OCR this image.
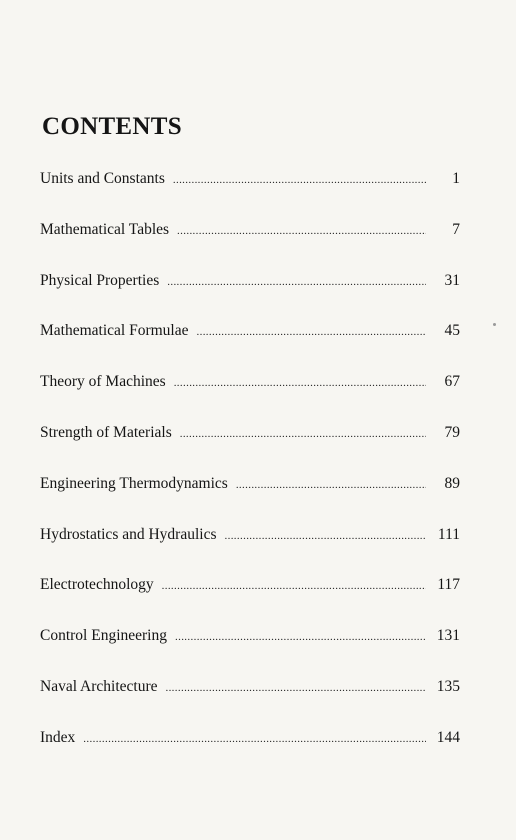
CONTENTS
Units and Constants . . .	1
Mathematical Tables . . .	7
Physical Properties . . .	31
Mathematical Formulae . . .	45
Theory of Machines . . .	67
Strength of Materials . . .	79
Engineering Thermodynamics . . .	89
Hydrostatics and Hydraulics . . .	111
Electrotechnology . . .	117
Control Engineering . . .	131
Naval Architecture . . .	135
Index . . .	144
